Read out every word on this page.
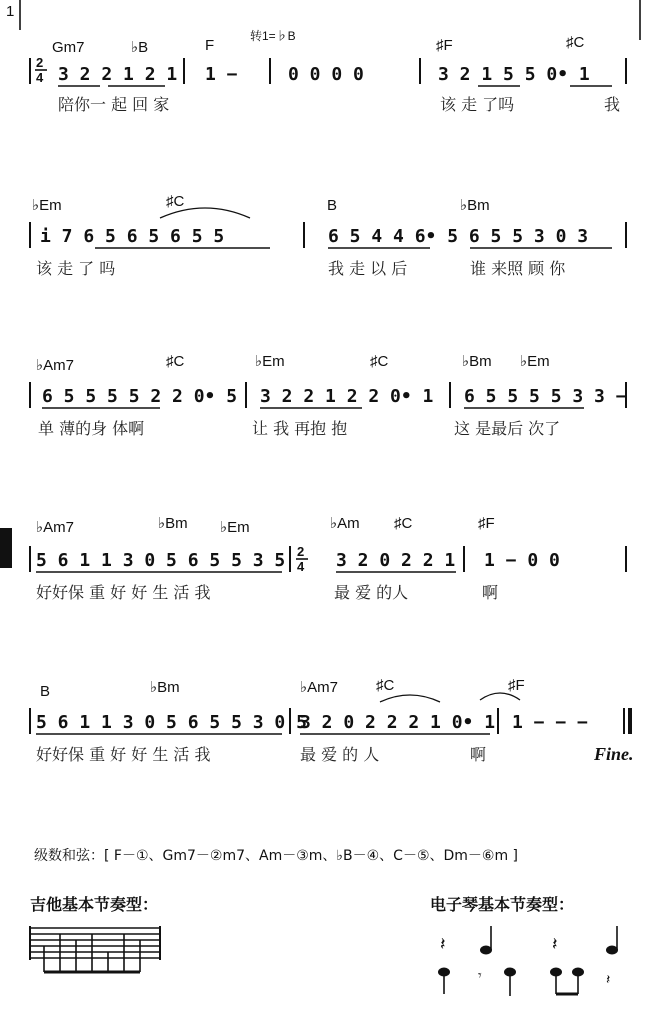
1
Gm7	♭B	F
转1=♭B
♯F	♯C
2
4 3 2 2 1 2 1 1 −	0 0 0 0	3 2 1 5 5 0• 1
陪你一 起 回 家	该 走 了吗	我
♭Em	♯C	B	♭Bm
i 7 6 5 6 5 6 5 5	6 5 4 4 6• 5 6 5 5 3 0 3
该 走 了 吗	我 走 以 后	谁 来照 顾 你
♭Am7	♯C	♭Em	♯C	♭Bm ♭Em
6 5 5 5 5 2 2 0• 5 3 2 2 1 2 2 0• 1 6 5 5 5 5 3 3 −
单 薄的身 体啊	让 我 再抱 抱	这 是最后 次了
♭Am7	♭Bm ♭Em	♭Am ♯C	♯F
5 6 1 1 3 0 5 6 5 5 3 5 2
4 3 2 0 2 2 1 1 − 0 0
好好保 重 好 好 生 活 我	最 爱 的人	啊
B	♭Bm	♭Am7	♯C	♯F
5 6 1 1 3 0 5 6 5 5 3 0 5
3 2 0 2 2 2 1 0• 1 1 − − −
好好保 重 好 好 生 活 我	最 爱 的 人	啊	Fine.
级数和弦：[ F－①、Gm7－②m7、Am－③m、♭B－④、C－⑤、Dm－⑥m ]
吉他基本节奏型：	电子琴基本节奏型：
𝄽	𝄽
𝄾	𝄽
